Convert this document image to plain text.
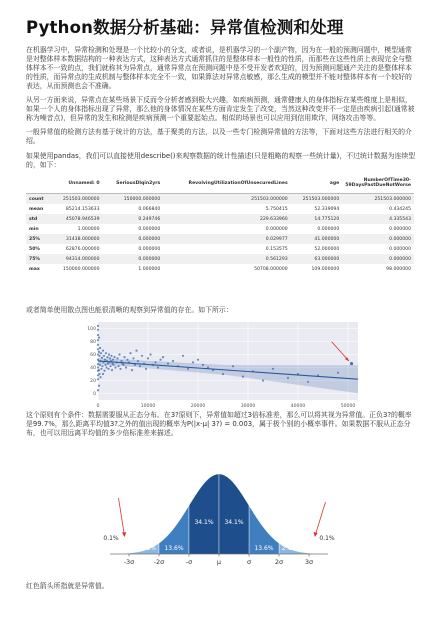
Python数据分析基础：异常值检测和处理

在机器学习中，异常检测和处理是一个比较小的分支，或者说，是机器学习的一个副产物，因为在一般的预测问题中，模型通常是对整体样本数据结构的一种表达方式，这种表达方式通常抓住的是整体样本一般性的性质，而那些在这些性质上表现完全与整体样本不一致的点，我们就称其为异常点，通常异常点在预测问题中是不受开发者欢迎的，因为预测问题通产关注的是整体样本的性质，而异常点的生成机制与整体样本完全不一致，如果算法对异常点敏感，那么生成的模型并不能对整体样本有一个较好的表达，从而预测也会不准确。

从另一方面来说，异常点在某些场景下反而令分析者感到极大兴趣，如疾病预测，通常健康人的身体指标在某些维度上是相似，如果一个人的身体指标出现了异常，那么他的身体情况在某些方面肯定发生了改变，当然这种改变并不一定是由疾病引起(通常被称为噪音点)，但异常的发生和检测是疾病预测一个重要起始点。相似的场景也可以应用到信用欺诈，网络攻击等等。

一般异常值的检测方法有基于统计的方法，基于聚类的方法，以及一些专门检测异常值的方法等，下面对这些方法进行相关的介绍。

如果使用pandas，我们可以直接使用describe()来观察数据的统计性描述(只是粗略的观察一些统计量)，不过统计数据为连续型的，如下：

	Unnamed: 0	SeriousDlqin2yrs	RevolvingUtilizationOfUnsecuredLines	age	NumberOfTime30-59DaysPastDueNotWorse
count	251503.000000	150000.000000	251503.000000	251503.000000	251503.000000
mean	85214.153633	0.066840	5.750415	52.339094	0.434245
std	45078.946539	0.249746	229.633960	14.775120	4.335543
min	1.000000	0.000000	0.000000	0.000000	0.000000
25%	31438.000000	0.000000	0.029977	41.000000	0.000000
50%	62876.000000	0.000000	0.153575	52.000000	0.000000
75%	94314.000000	0.000000	0.561293	63.000000	0.000000
max	150000.000000	1.000000	50708.000000	109.000000	98.000000

或者简单使用散点图也能很清晰的观察到异常值的存在。如下所示：

0	10000	20000	30000	40000	50000
0
20
40
60
80
100

这个原则有个条件：数据需要服从正态分布。在3?原则下，异常值如超过3倍标准差，那么可以将其视为异常值。正负3?的概率是99.7%，那么距离平均值3?之外的值出现的概率为P(|x-μ| 3?) = 0.003，属于极个别的小概率事件。如果数据不服从正态分布，也可以用远离平均值的多少倍标准差来描述。

-3σ	-2σ	-σ	μ	σ	2σ	3σ
0.1%
2.1% 13.6%
34.1% 34.1%
13.6% 2.1%
0.1%

红色箭头所指就是异常值。
